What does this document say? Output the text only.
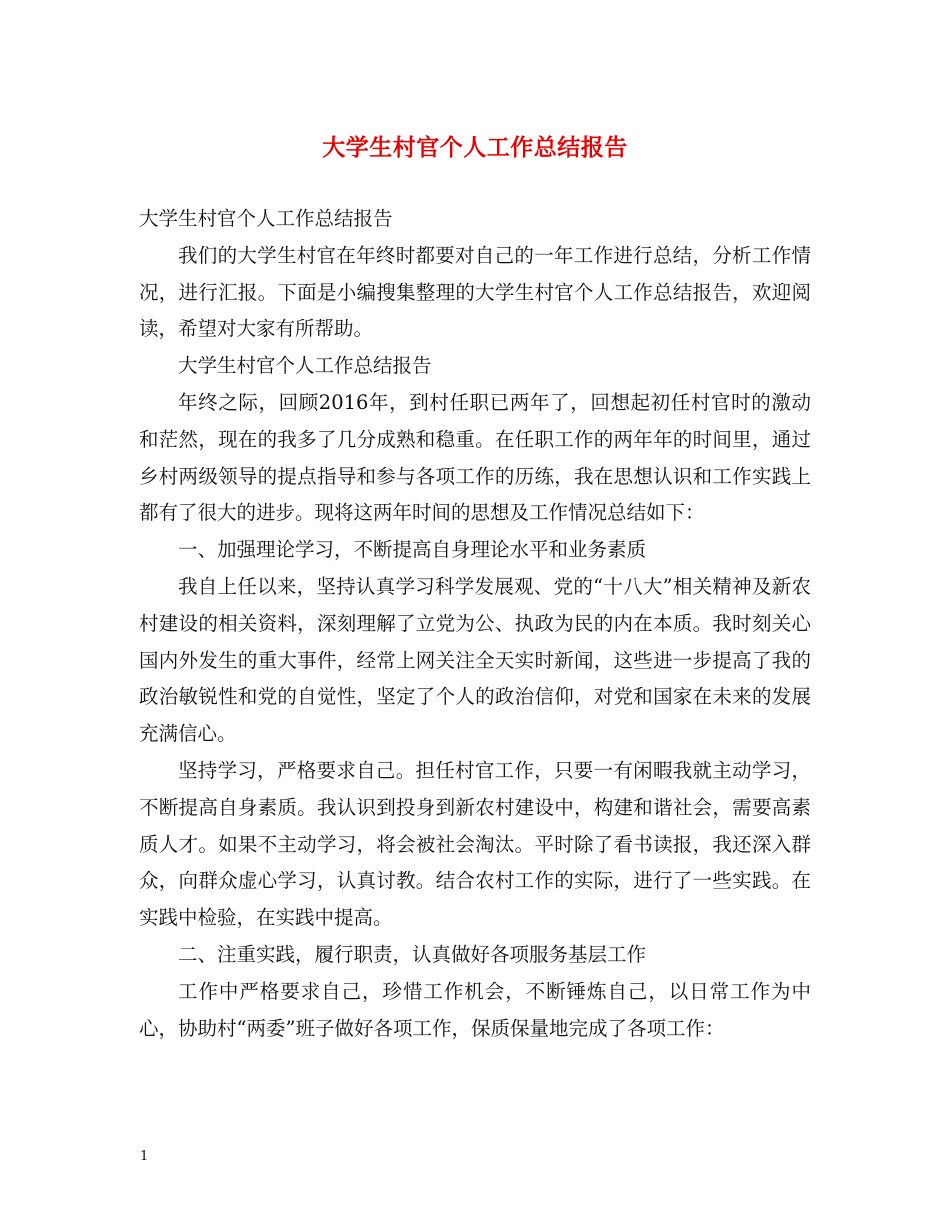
大学生村官个人工作总结报告

大学生村官个人工作总结报告

我们的大学生村官在年终时都要对自己的一年工作进行总结，分析工作情况，进行汇报。下面是小编搜集整理的大学生村官个人工作总结报告，欢迎阅读，希望对大家有所帮助。

大学生村官个人工作总结报告

年终之际，回顾2016年，到村任职已两年了，回想起初任村官时的激动和茫然，现在的我多了几分成熟和稳重。在任职工作的两年年的时间里，通过乡村两级领导的提点指导和参与各项工作的历练，我在思想认识和工作实践上都有了很大的进步。现将这两年时间的思想及工作情况总结如下：

一、加强理论学习，不断提高自身理论水平和业务素质

我自上任以来，坚持认真学习科学发展观、党的“十八大”相关精神及新农村建设的相关资料，深刻理解了立党为公、执政为民的内在本质。我时刻关心国内外发生的重大事件，经常上网关注全天实时新闻，这些进一步提高了我的政治敏锐性和党的自觉性，坚定了个人的政治信仰，对党和国家在未来的发展充满信心。

坚持学习，严格要求自己。担任村官工作，只要一有闲暇我就主动学习，不断提高自身素质。我认识到投身到新农村建设中，构建和谐社会，需要高素质人才。如果不主动学习，将会被社会淘汰。平时除了看书读报，我还深入群众，向群众虚心学习，认真讨教。结合农村工作的实际，进行了一些实践。在实践中检验，在实践中提高。

二、注重实践，履行职责，认真做好各项服务基层工作

工作中严格要求自己，珍惜工作机会，不断锤炼自己，以日常工作为中心，协助村“两委”班子做好各项工作，保质保量地完成了各项工作：

1
